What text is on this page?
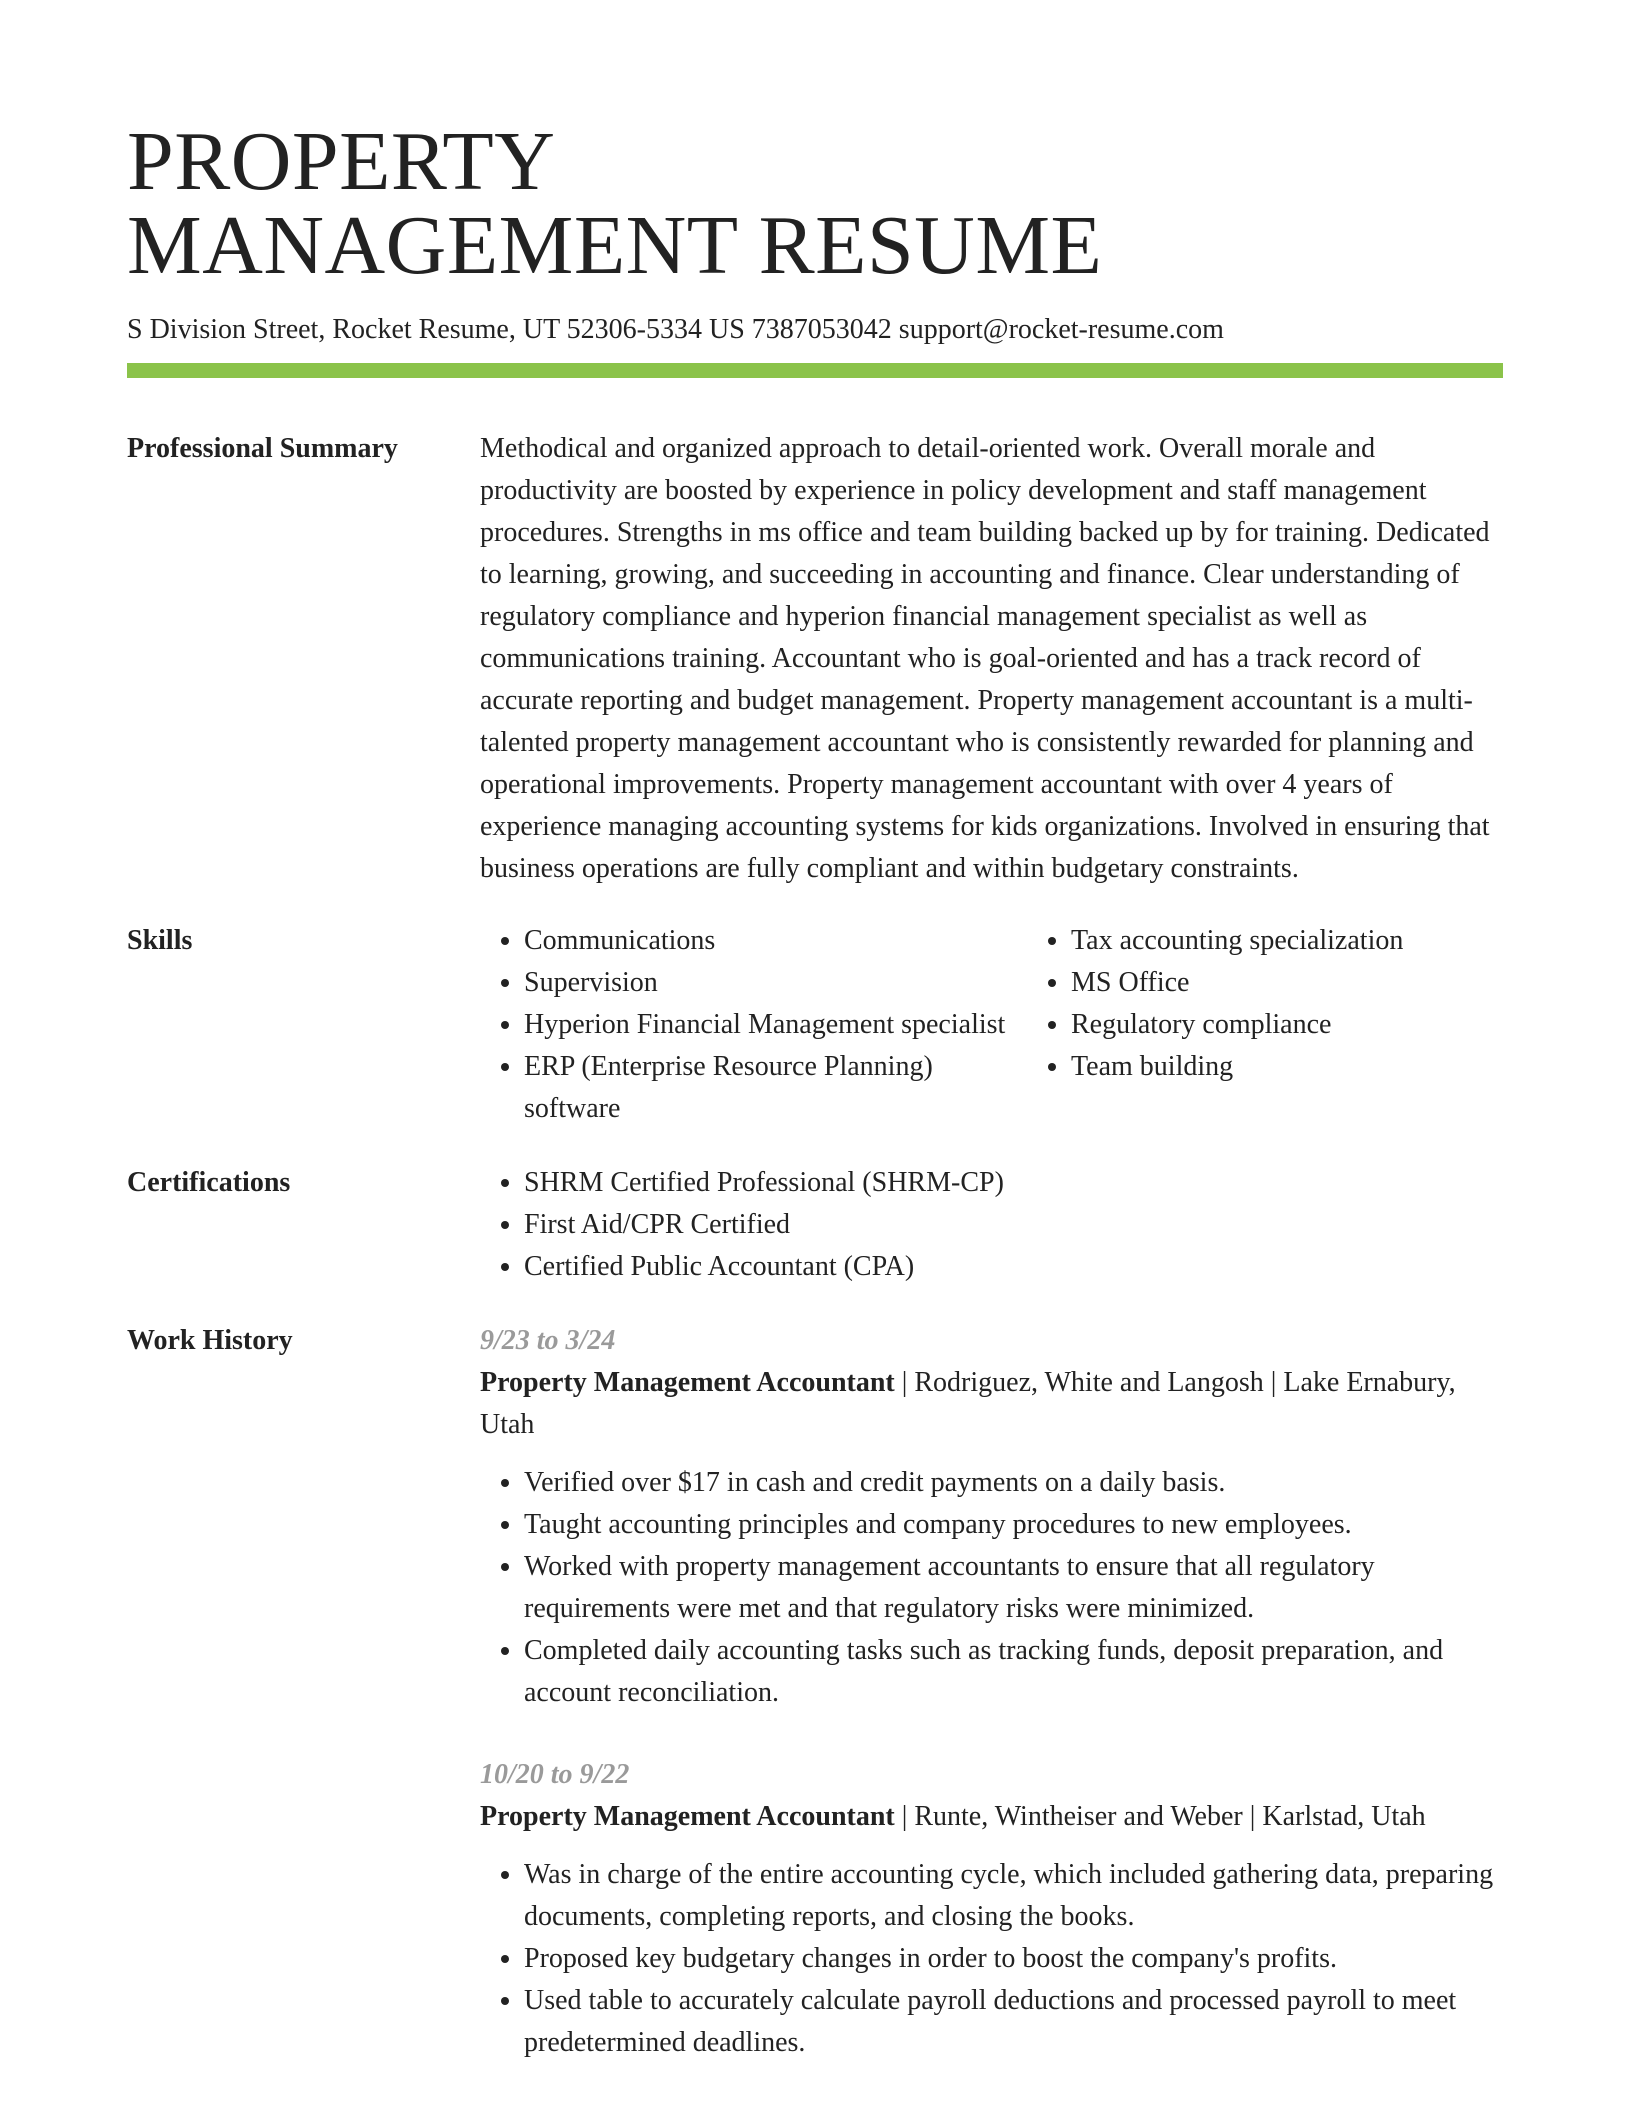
PROPERTY
MANAGEMENT RESUME
S Division Street, Rocket Resume, UT 52306-5334 US 7387053042 support@rocket-resume.com
Professional Summary	Methodical and organized approach to detail-oriented work. Overall morale and productivity are boosted by experience in policy development and staff management procedures. Strengths in ms office and team building backed up by for training. Dedicated to learning, growing, and succeeding in accounting and finance. Clear understanding of regulatory compliance and hyperion financial management specialist as well as communications training. Accountant who is goal-oriented and has a track record of accurate reporting and budget management. Property management accountant is a multi-talented property management accountant who is consistently rewarded for planning and operational improvements. Property management accountant with over 4 years of experience managing accounting systems for kids organizations. Involved in ensuring that business operations are fully compliant and within budgetary constraints.
Skills	• Communications
• Supervision
• Hyperion Financial Management specialist
• ERP (Enterprise Resource Planning) software
• Tax accounting specialization
• MS Office
• Regulatory compliance
• Team building
Certifications	• SHRM Certified Professional (SHRM-CP)
• First Aid/CPR Certified
• Certified Public Accountant (CPA)
Work History	9/23 to 3/24

Property Management Accountant | Rodriguez, White and Langosh | Lake Ernabury, Utah

• Verified over $17 in cash and credit payments on a daily basis.
• Taught accounting principles and company procedures to new employees.
• Worked with property management accountants to ensure that all regulatory requirements were met and that regulatory risks were minimized.
• Completed daily accounting tasks such as tracking funds, deposit preparation, and account reconciliation.
10/20 to 9/22

Property Management Accountant | Runte, Wintheiser and Weber | Karlstad, Utah

• Was in charge of the entire accounting cycle, which included gathering data, preparing documents, completing reports, and closing the books.
• Proposed key budgetary changes in order to boost the company's profits.
• Used table to accurately calculate payroll deductions and processed payroll to meet predetermined deadlines.
